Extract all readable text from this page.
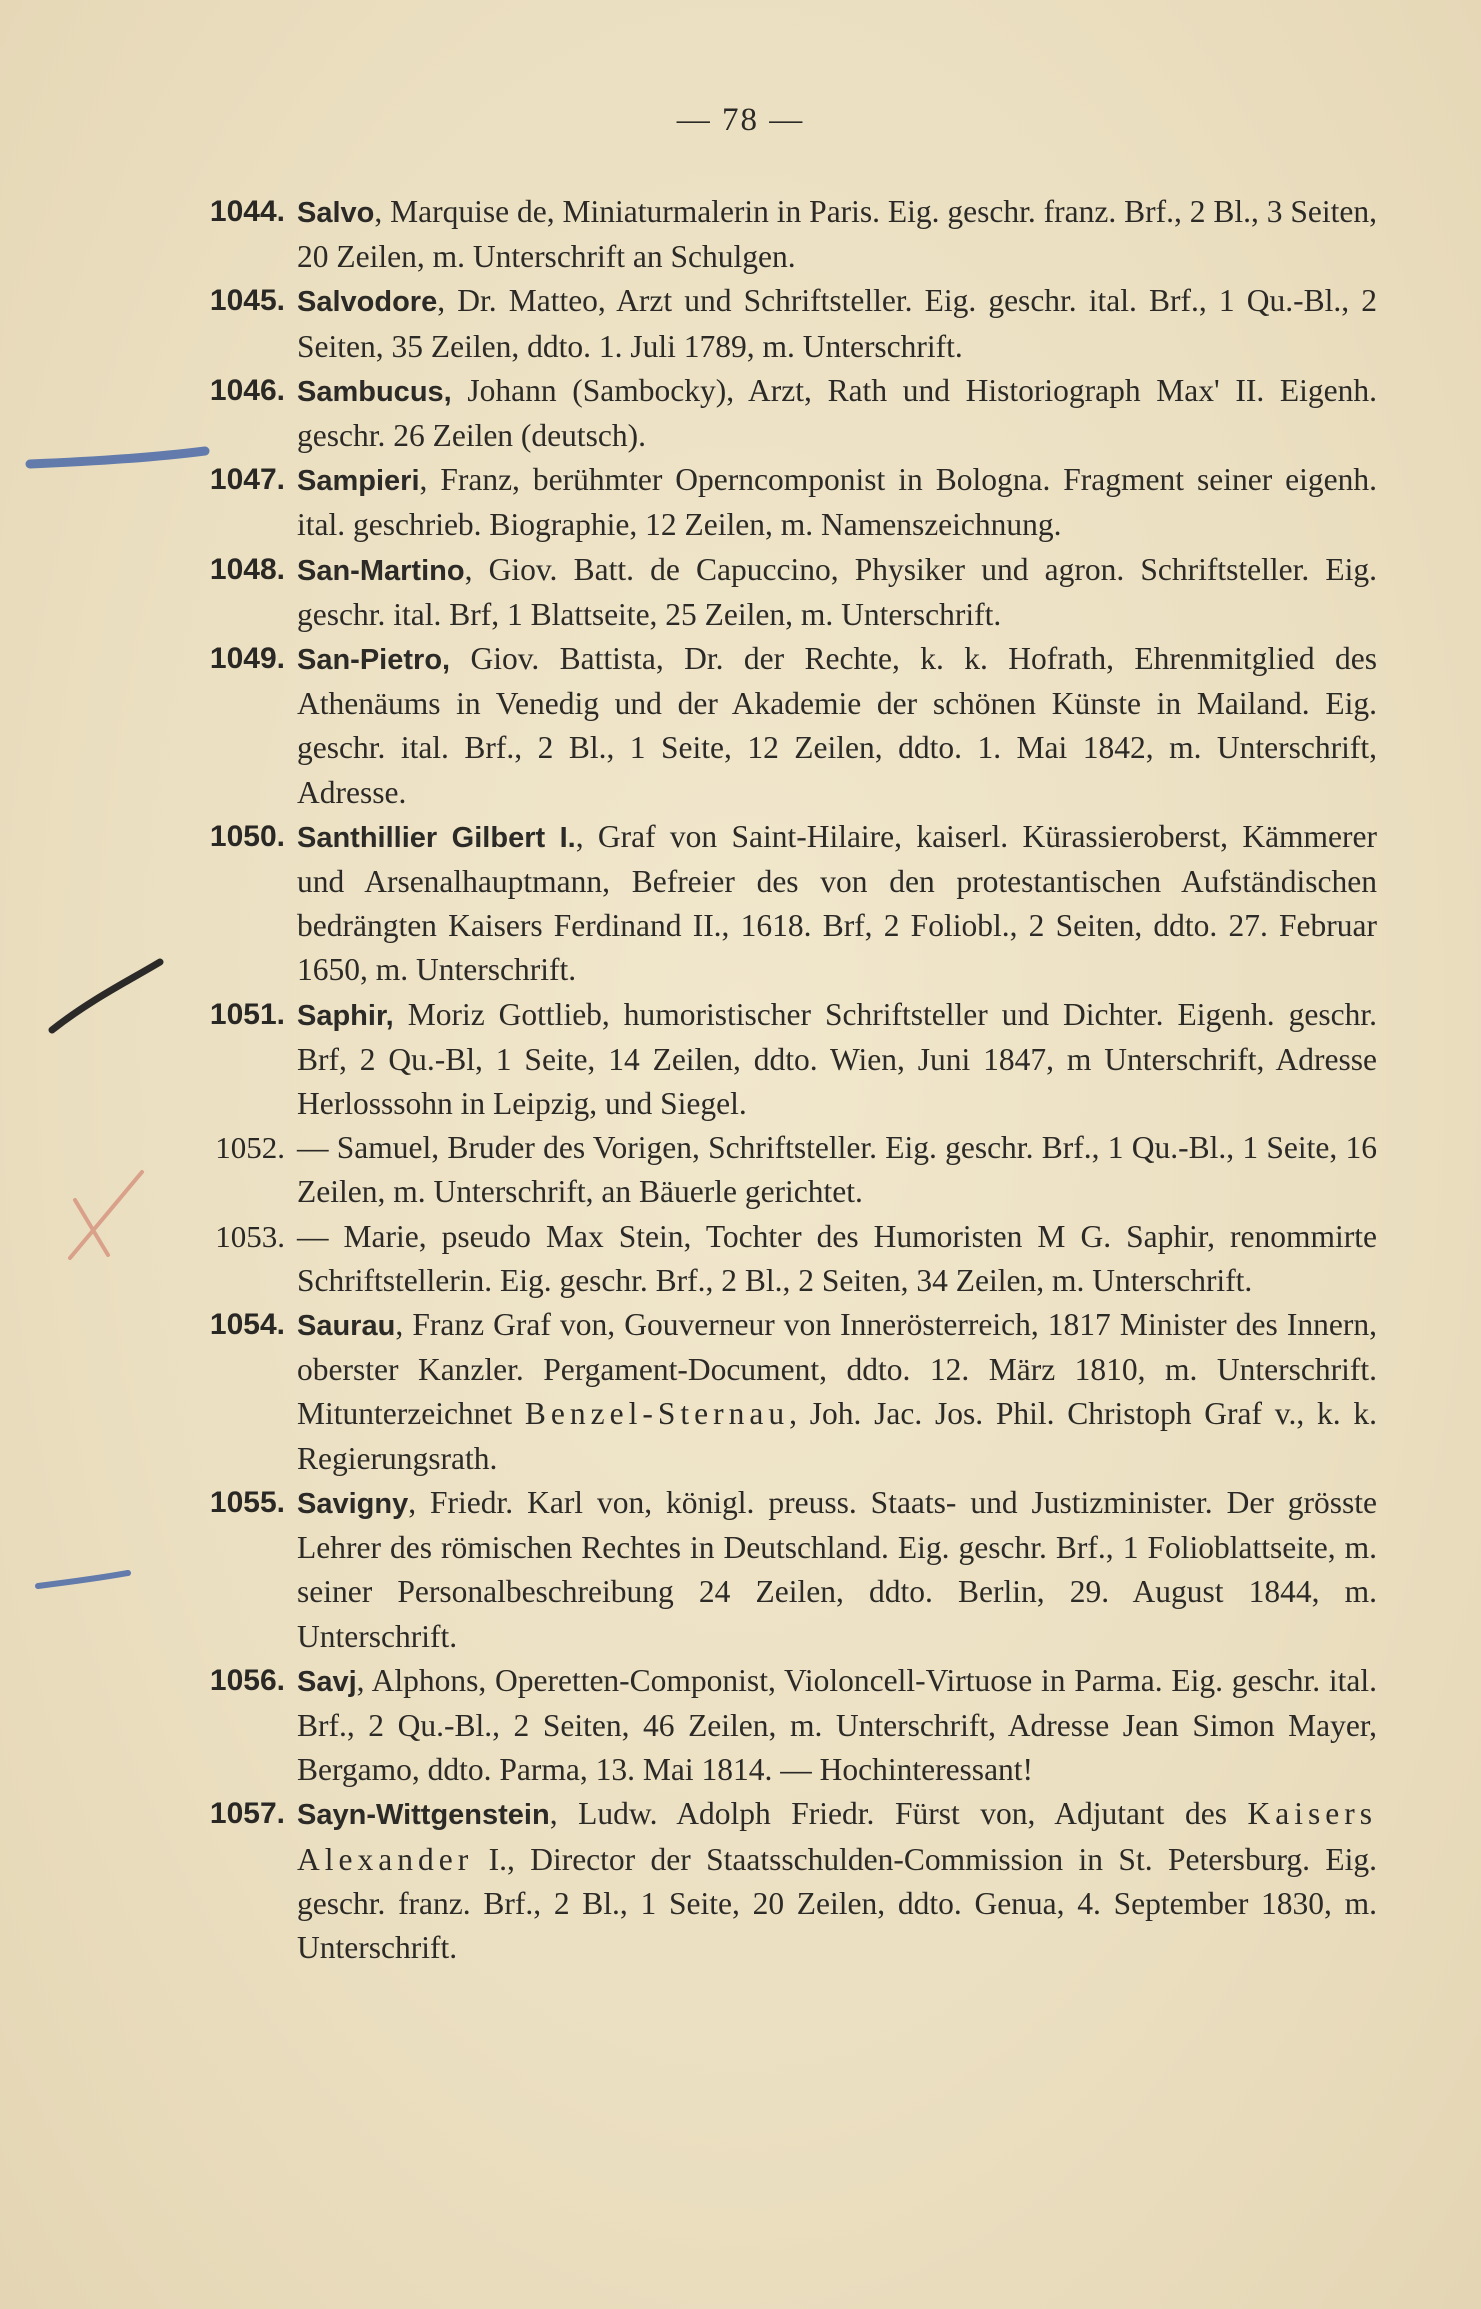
— 78 —
1044. Salvo, Marquise de, Miniaturmalerin in Paris. Eig. geschr. franz. Brf., 2 Bl., 3 Seiten, 20 Zeilen, m. Unterschrift an Schulgen.
1045. Salvodore, Dr. Matteo, Arzt und Schriftsteller. Eig. geschr. ital. Brf., 1 Qu.-Bl., 2 Seiten, 35 Zeilen, ddto. 1. Juli 1789, m. Unterschrift.
1046. Sambucus, Johann (Sambocky), Arzt, Rath und Historiograph Max' II. Eigenh. geschr. 26 Zeilen (deutsch).
1047. Sampieri, Franz, berühmter Operncomponist in Bologna. Fragment seiner eigenh. ital. geschrieb. Biographie, 12 Zeilen, m. Namenszeichnung.
1048. San-Martino, Giov. Batt. de Capuccino, Physiker und agron. Schriftsteller. Eig. geschr. ital. Brf, 1 Blattseite, 25 Zeilen, m. Unterschrift.
1049. San-Pietro, Giov. Battista, Dr. der Rechte, k. k. Hofrath, Ehrenmitglied des Athenäums in Venedig und der Akademie der schönen Künste in Mailand. Eig. geschr. ital. Brf., 2 Bl., 1 Seite, 12 Zeilen, ddto. 1. Mai 1842, m. Unterschrift, Adresse.
1050. Santhillier Gilbert I., Graf von Saint-Hilaire, kaiserl. Kürassieroberst, Kämmerer und Arsenalhauptmann, Befreier des von den protestantischen Aufständischen bedrängten Kaisers Ferdinand II., 1618. Brf, 2 Foliobl., 2 Seiten, ddto. 27. Februar 1650, m. Unterschrift.
1051. Saphir, Moriz Gottlieb, humoristischer Schriftsteller und Dichter. Eigenh. geschr. Brf, 2 Qu.-Bl, 1 Seite, 14 Zeilen, ddto. Wien, Juni 1847, m Unterschrift, Adresse Herlosssohn in Leipzig, und Siegel.
1052. — Samuel, Bruder des Vorigen, Schriftsteller. Eig. geschr. Brf., 1 Qu.-Bl., 1 Seite, 16 Zeilen, m. Unterschrift, an Bäuerle gerichtet.
1053. — Marie, pseudo Max Stein, Tochter des Humoristen M G. Saphir, renommirte Schriftstellerin. Eig. geschr. Brf., 2 Bl., 2 Seiten, 34 Zeilen, m. Unterschrift.
1054. Saurau, Franz Graf von, Gouverneur von Innerösterreich, 1817 Minister des Innern, oberster Kanzler. Pergament-Document, ddto. 12. März 1810, m. Unterschrift. Mitunterzeichnet Benzel-Sternau, Joh. Jac. Jos. Phil. Christoph Graf v., k. k. Regierungsrath.
1055. Savigny, Friedr. Karl von, königl. preuss. Staats- und Justizminister. Der grösste Lehrer des römischen Rechtes in Deutschland. Eig. geschr. Brf., 1 Folioblattseite, m. seiner Personalbeschreibung 24 Zeilen, ddto. Berlin, 29. August 1844, m. Unterschrift.
1056. Savj, Alphons, Operetten-Componist, Violoncell-Virtuose in Parma. Eig. geschr. ital. Brf., 2 Qu.-Bl., 2 Seiten, 46 Zeilen, m. Unterschrift, Adresse Jean Simon Mayer, Bergamo, ddto. Parma, 13. Mai 1814. — Hochinteressant!
1057. Sayn-Wittgenstein, Ludw. Adolph Friedr. Fürst von, Adjutant des Kaisers Alexander I., Director der Staatsschulden-Commission in St. Petersburg. Eig. geschr. franz. Brf., 2 Bl., 1 Seite, 20 Zeilen, ddto. Genua, 4. September 1830, m. Unterschrift.
